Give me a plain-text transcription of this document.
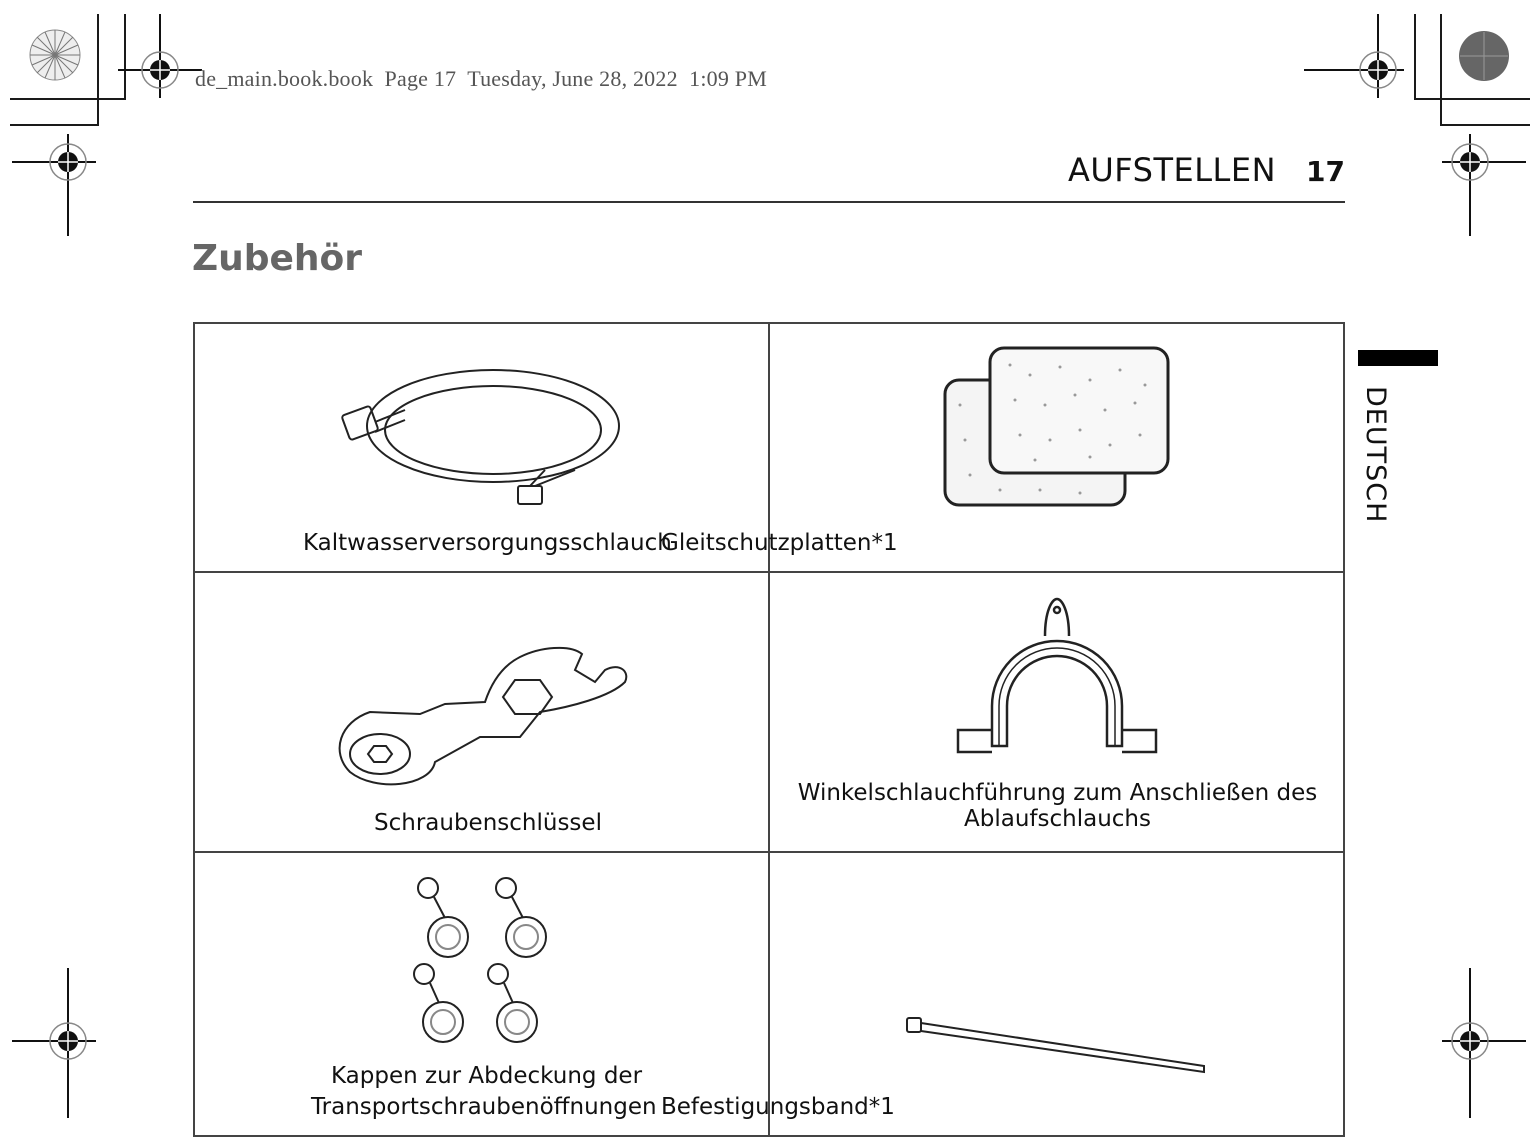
de_main.book.book  Page 17  Tuesday, June 28, 2022  1:09 PM
AUFSTELLEN 17
Zubehör
DEUTSCH
Kaltwasserversorgungsschlauch
Gleitschutzplatten*1
Schraubenschlüssel
Winkelschlauchführung zum Anschließen des
Ablaufschlauchs
Kappen zur Abdeckung der
Transportschraubenöffnungen Befestigungsband*1
